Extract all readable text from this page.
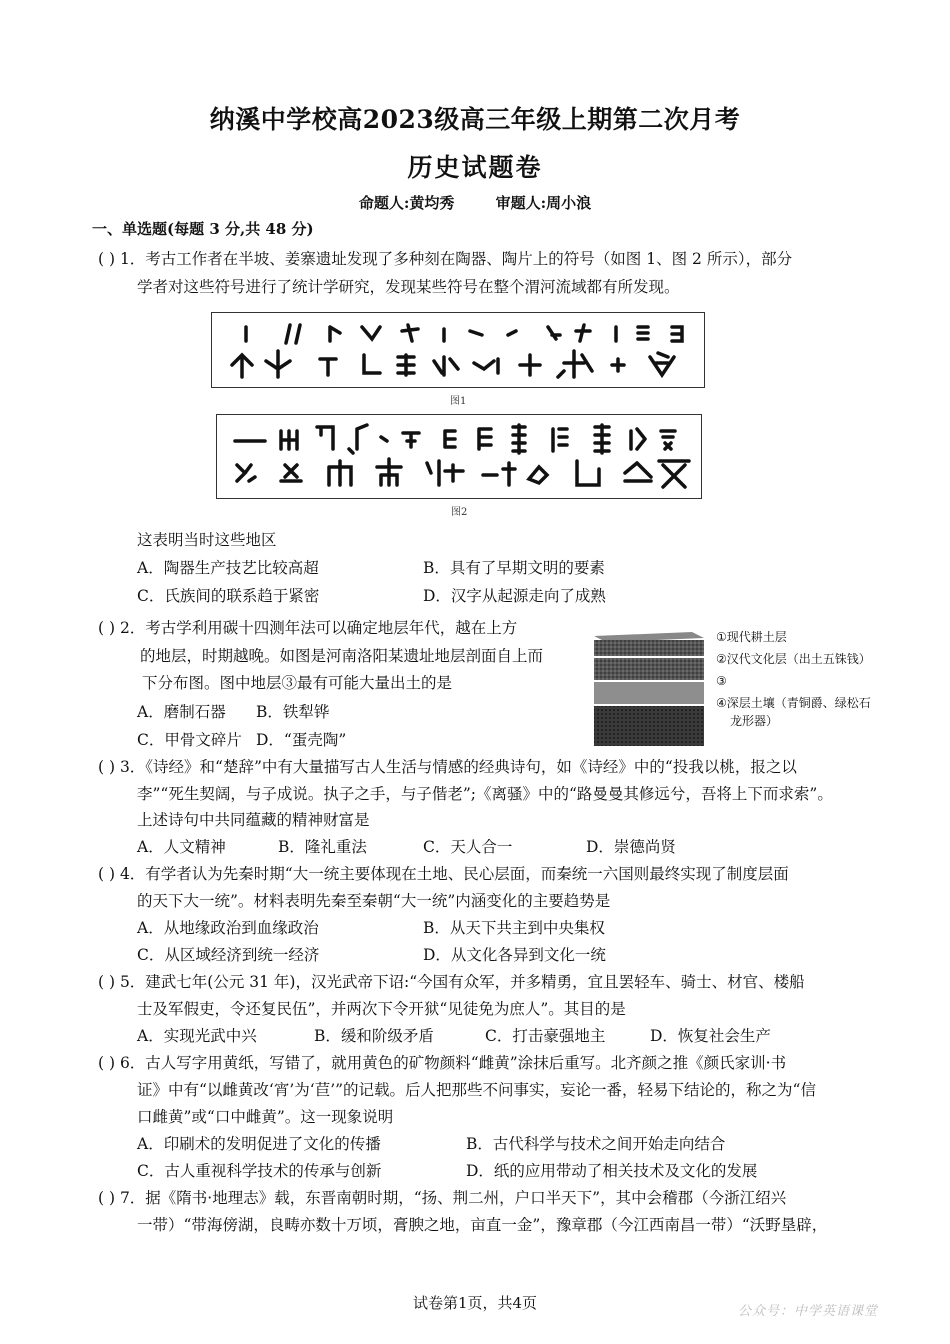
纳溪中学校高2023级高三年级上期第二次月考
历史试题卷
命题人:黄均秀	审题人:周小浪
一、单选题(每题 3 分,共 48 分)
( ) 1．考古工作者在半坡、姜寨遗址发现了多种刻在陶器、陶片上的符号（如图 1、图 2 所示），部分
学者对这些符号进行了统计学研究，发现某些符号在整个渭河流域都有所发现。
图1
图2
这表明当时这些地区
A．陶器生产技艺比较高超	B．具有了早期文明的要素
C．氏族间的联系趋于紧密	D．汉字从起源走向了成熟
( ) 2．考古学利用碳十四测年法可以确定地层年代，越在上方
的地层，时期越晚。如图是河南洛阳某遗址地层剖面自上而
下分布图。图中地层③最有可能大量出土的是
A．磨制石器 B．铁犁铧
C．甲骨文碎片 D．“蛋壳陶”
①现代耕土层
②汉代文化层（出土五铢钱）
③
④深层土壤（青铜爵、绿松石
龙形器）
( ) 3．《诗经》和“楚辞”中有大量描写古人生活与情感的经典诗句，如《诗经》中的“投我以桃，报之以
李”“死生契阔，与子成说。执子之手，与子偕老”;《离骚》中的“路曼曼其修远兮，吾将上下而求索”。
上述诗句中共同蕴藏的精神财富是
A．人文精神	B．隆礼重法	C．天人合一	D．崇德尚贤
( ) 4．有学者认为先秦时期“大一统主要体现在土地、民心层面，而秦统一六国则最终实现了制度层面
的天下大一统”。材料表明先秦至秦朝“大一统”内涵变化的主要趋势是
A．从地缘政治到血缘政治	B．从天下共主到中央集权
C．从区域经济到统一经济	D．从文化各异到文化一统
( ) 5．建武七年(公元 31 年)，汉光武帝下诏:“今国有众军，并多精勇，宜且罢轻车、骑士、材官、楼船
士及军假吏，令还复民伍”，并两次下令开狱“见徒免为庶人”。其目的是
A．实现光武中兴	B．缓和阶级矛盾	C．打击豪强地主	D．恢复社会生产
( ) 6．古人写字用黄纸，写错了，就用黄色的矿物颜料“雌黄”涂抹后重写。北齐颜之推《颜氏家训·书
证》中有“以雌黄改‘宵’为‘苣’”的记载。后人把那些不问事实，妄论一番，轻易下结论的，称之为“信
口雌黄”或“口中雌黄”。这一现象说明
A．印刷术的发明促进了文化的传播	B．古代科学与技术之间开始走向结合
C．古人重视科学技术的传承与创新	D．纸的应用带动了相关技术及文化的发展
( ) 7．据《隋书·地理志》载，东晋南朝时期，“扬、荆二州，户口半天下”，其中会稽郡（今浙江绍兴
一带）“带海傍湖，良畴亦数十万顷，膏腴之地，亩直一金”，豫章郡（今江西南昌一带）“沃野垦辟，
试卷第1页，共4页	公众号：中学英语课堂
